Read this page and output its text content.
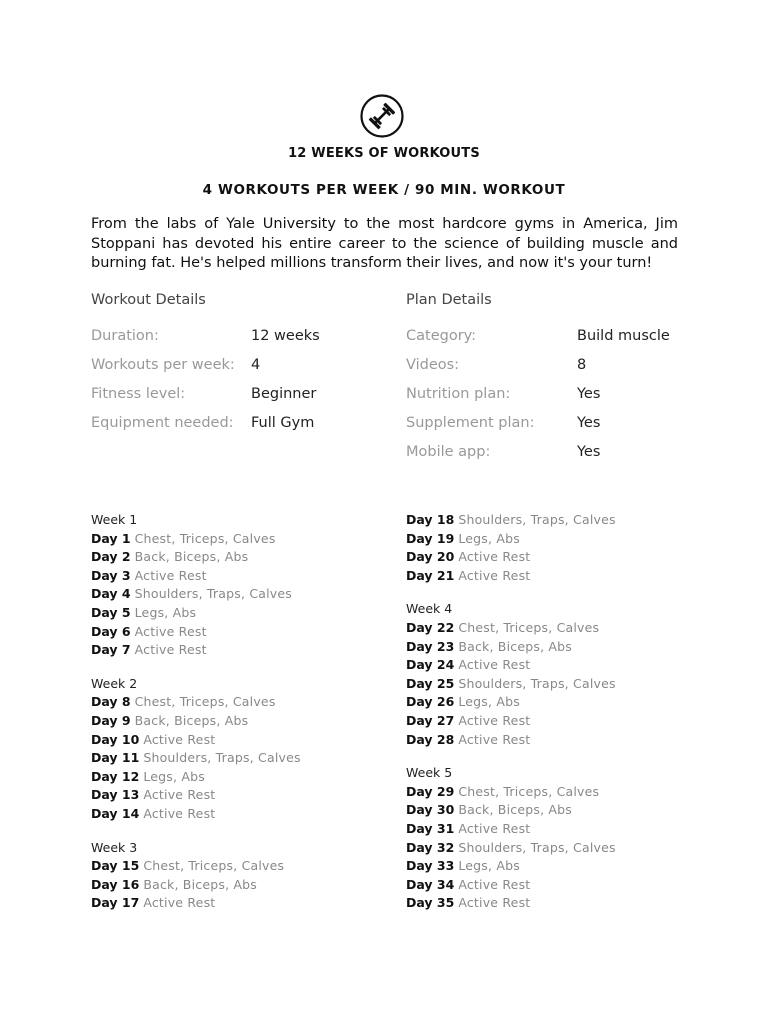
12 WEEKS OF WORKOUTS
4 WORKOUTS PER WEEK / 90 MIN. WORKOUT
From the labs of Yale University to the most hardcore gyms in America, Jim Stoppani has devoted his entire career to the science of building muscle and burning fat. He's helped millions transform their lives, and now it's your turn!
Workout Details
Duration:	12 weeks
Workouts per week: 4
Fitness level:	Beginner
Equipment needed: Full Gym
Plan Details
Category:	Build muscle
Videos:	8
Nutrition plan:	Yes
Supplement plan:	Yes
Mobile app:	Yes
Week 1
Day 1 Chest, Triceps, Calves
Day 2 Back, Biceps, Abs
Day 3 Active Rest
Day 4 Shoulders, Traps, Calves
Day 5 Legs, Abs
Day 6 Active Rest
Day 7 Active Rest
Week 2
Day 8 Chest, Triceps, Calves
Day 9 Back, Biceps, Abs
Day 10 Active Rest
Day 11 Shoulders, Traps, Calves
Day 12 Legs, Abs
Day 13 Active Rest
Day 14 Active Rest
Week 3
Day 15 Chest, Triceps, Calves
Day 16 Back, Biceps, Abs
Day 17 Active Rest
Day 18 Shoulders, Traps, Calves
Day 19 Legs, Abs
Day 20 Active Rest
Day 21 Active Rest
Week 4
Day 22 Chest, Triceps, Calves
Day 23 Back, Biceps, Abs
Day 24 Active Rest
Day 25 Shoulders, Traps, Calves
Day 26 Legs, Abs
Day 27 Active Rest
Day 28 Active Rest
Week 5
Day 29 Chest, Triceps, Calves
Day 30 Back, Biceps, Abs
Day 31 Active Rest
Day 32 Shoulders, Traps, Calves
Day 33 Legs, Abs
Day 34 Active Rest
Day 35 Active Rest
